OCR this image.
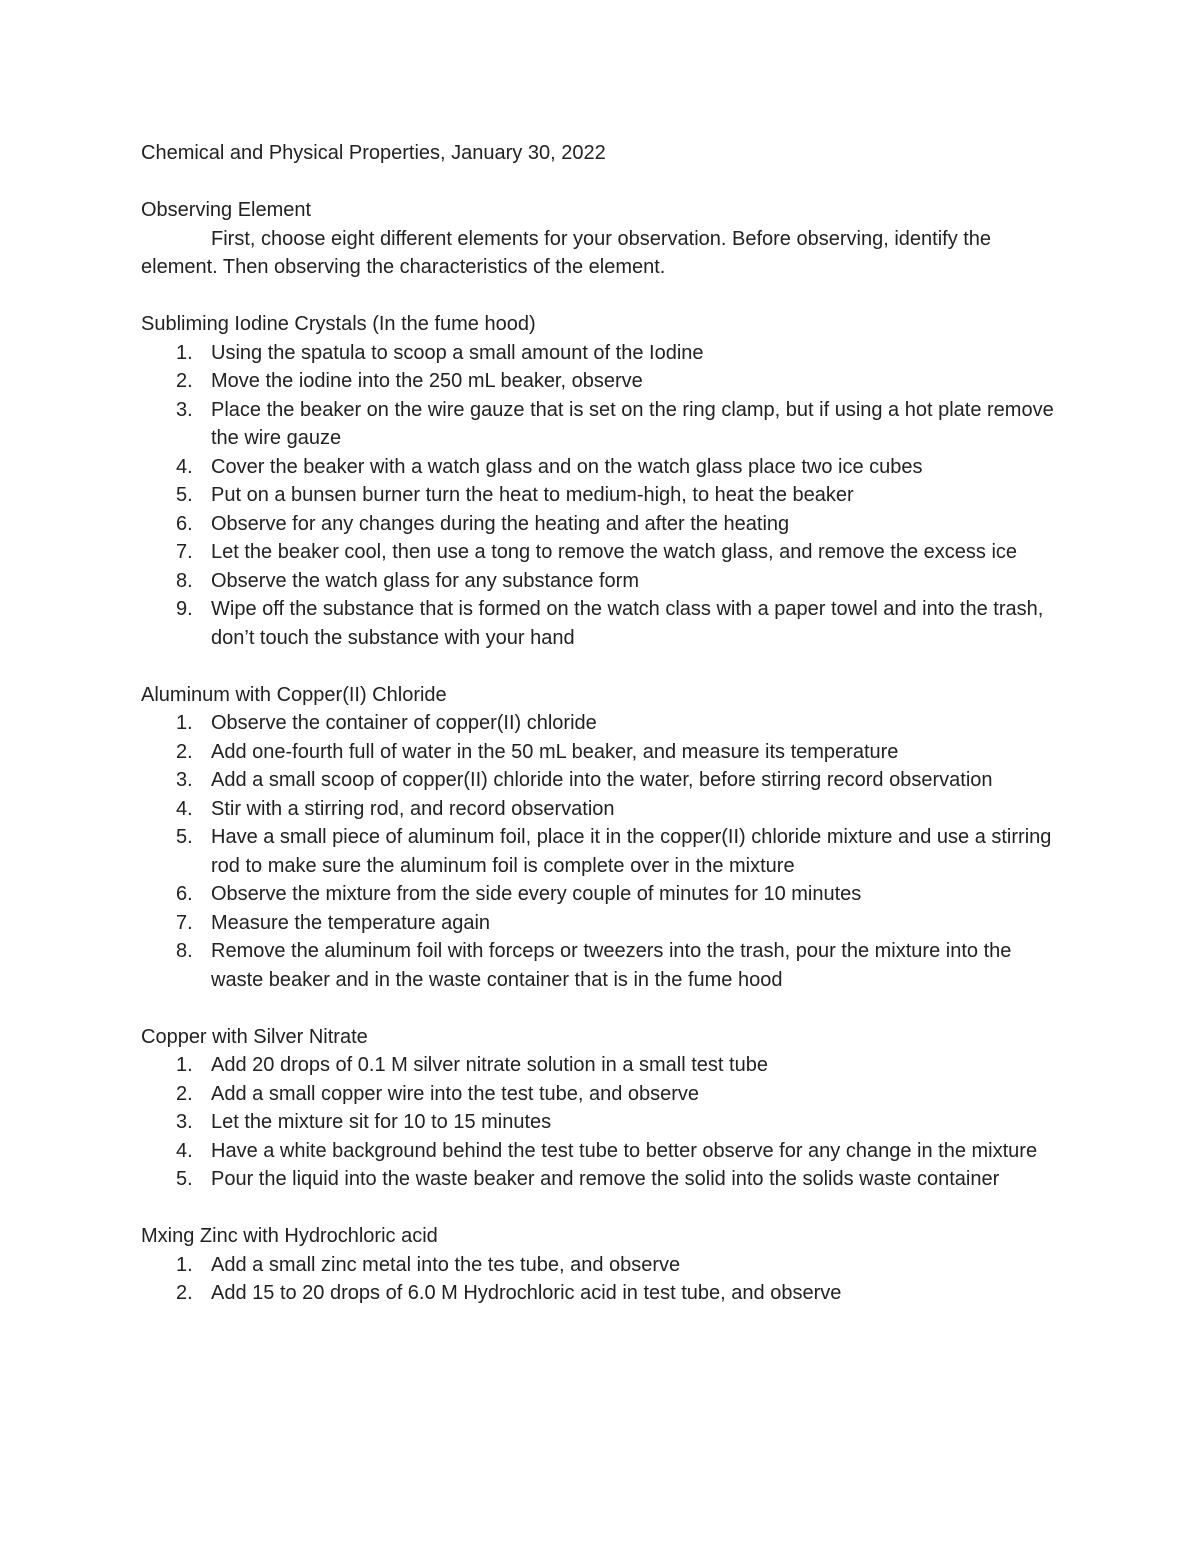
Chemical and Physical Properties, January 30, 2022
Observing Element

First, choose eight different elements for your observation. Before observing, identify the element. Then observing the characteristics of the element.

Subliming Iodine Crystals (In the fume hood)
1. Using the spatula to scoop a small amount of the Iodine
2. Move the iodine into the 250 mL beaker, observe
3. Place the beaker on the wire gauze that is set on the ring clamp, but if using a hot plate remove the wire gauze
4. Cover the beaker with a watch glass and on the watch glass place two ice cubes
5. Put on a bunsen burner turn the heat to medium-high, to heat the beaker
6. Observe for any changes during the heating and after the heating
7. Let the beaker cool, then use a tong to remove the watch glass, and remove the excess ice
8. Observe the watch glass for any substance form
9. Wipe off the substance that is formed on the watch class with a paper towel and into the trash, don’t touch the substance with your hand
Aluminum with Copper(II) Chloride
1. Observe the container of copper(II) chloride
2. Add one-fourth full of water in the 50 mL beaker, and measure its temperature
3. Add a small scoop of copper(II) chloride into the water, before stirring record observation
4. Stir with a stirring rod, and record observation
5. Have a small piece of aluminum foil, place it in the copper(II) chloride mixture and use a stirring rod to make sure the aluminum foil is complete over in the mixture
6. Observe the mixture from the side every couple of minutes for 10 minutes
7. Measure the temperature again
8. Remove the aluminum foil with forceps or tweezers into the trash, pour the mixture into the waste beaker and in the waste container that is in the fume hood
Copper with Silver Nitrate
1. Add 20 drops of 0.1 M silver nitrate solution in a small test tube
2. Add a small copper wire into the test tube, and observe
3. Let the mixture sit for 10 to 15 minutes
4. Have a white background behind the test tube to better observe for any change in the mixture
5. Pour the liquid into the waste beaker and remove the solid into the solids waste container
Mxing Zinc with Hydrochloric acid
1. Add a small zinc metal into the tes tube, and observe
2. Add 15 to 20 drops of 6.0 M Hydrochloric acid in test tube, and observe
